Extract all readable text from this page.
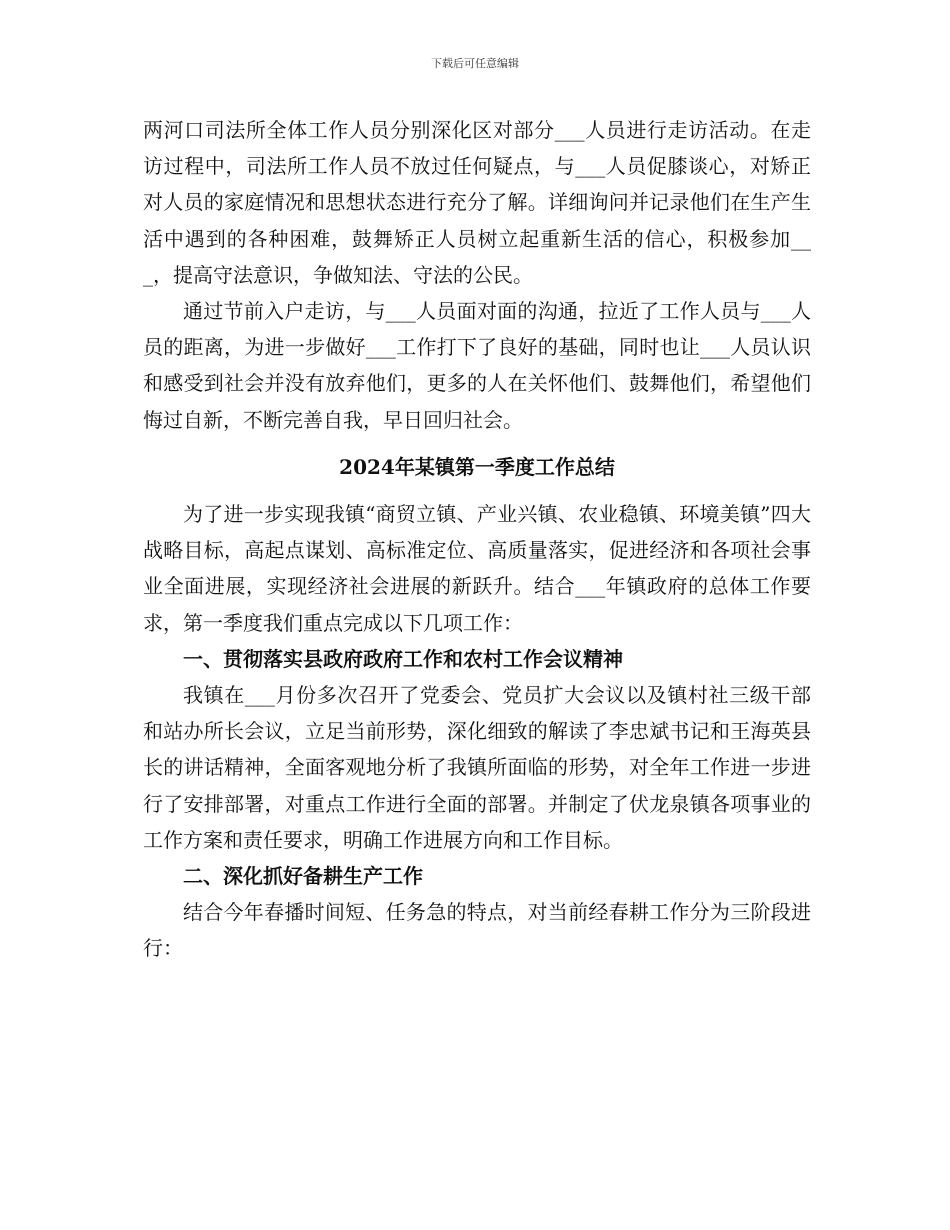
下载后可任意编辑

两河口司法所全体工作人员分别深化区对部分___人员进行走访活动。在走访过程中，司法所工作人员不放过任何疑点，与___人员促膝谈心，对矫正对人员的家庭情况和思想状态进行充分了解。详细询问并记录他们在生产生活中遇到的各种困难，鼓舞矫正人员树立起重新生活的信心，积极参加___，提高守法意识，争做知法、守法的公民。

通过节前入户走访，与___人员面对面的沟通，拉近了工作人员与___人员的距离，为进一步做好___工作打下了良好的基础，同时也让___人员认识和感受到社会并没有放弃他们，更多的人在关怀他们、鼓舞他们，希望他们悔过自新，不断完善自我，早日回归社会。

2024年某镇第一季度工作总结

为了进一步实现我镇“商贸立镇、产业兴镇、农业稳镇、环境美镇”四大战略目标，高起点谋划、高标准定位、高质量落实，促进经济和各项社会事业全面进展，实现经济社会进展的新跃升。结合___年镇政府的总体工作要求，第一季度我们重点完成以下几项工作：

一、贯彻落实县政府政府工作和农村工作会议精神

我镇在___月份多次召开了党委会、党员扩大会议以及镇村社三级干部和站办所长会议，立足当前形势，深化细致的解读了李忠斌书记和王海英县长的讲话精神，全面客观地分析了我镇所面临的形势，对全年工作进一步进行了安排部署，对重点工作进行全面的部署。并制定了伏龙泉镇各项事业的工作方案和责任要求，明确工作进展方向和工作目标。

二、深化抓好备耕生产工作

结合今年春播时间短、任务急的特点，对当前经春耕工作分为三阶段进行：
